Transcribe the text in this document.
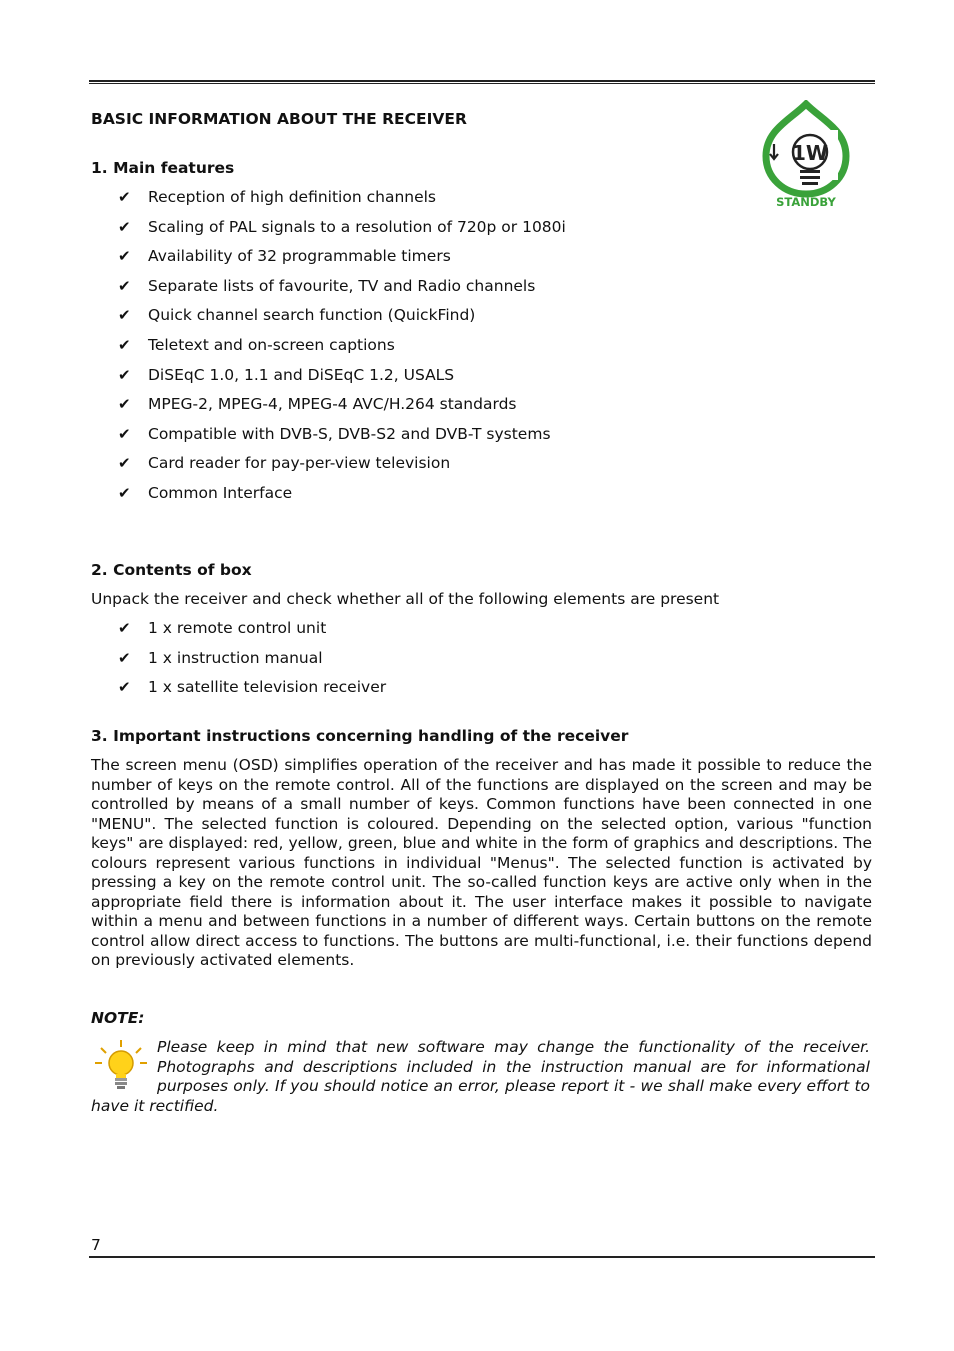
BASIC INFORMATION ABOUT THE RECEIVER
1W
STANDBY
1. Main features
✔ Reception of high definition channels
✔ Scaling of PAL signals to a resolution of 720p or 1080i
✔ Availability of 32 programmable timers
✔ Separate lists of favourite, TV and Radio channels
✔ Quick channel search function (QuickFind)
✔ Teletext and on-screen captions
✔ DiSEqC 1.0, 1.1 and DiSEqC 1.2, USALS
✔ MPEG-2, MPEG-4, MPEG-4 AVC/H.264 standards
✔ Compatible with DVB-S, DVB-S2 and DVB-T systems
✔ Card reader for pay-per-view television
✔ Common Interface
2. Contents of box
Unpack the receiver and check whether all of the following elements are present
✔ 1 x remote control unit
✔ 1 x instruction manual
✔ 1 x satellite television receiver
3. Important instructions concerning handling of the receiver
The screen menu (OSD) simplifies operation of the receiver and has made it possible to reduce the number of keys on the remote control. All of the functions are displayed on the screen and may be controlled by means of a small number of keys. Common functions have been connected in one "MENU". The selected function is coloured. Depending on the selected option, various "function keys" are displayed: red, yellow, green, blue and white in the form of graphics and descriptions. The colours represent various functions in individual "Menus". The selected function is activated by pressing a key on the remote control unit. The so-called function keys are active only when in the appropriate field there is information about it. The user interface makes it possible to navigate within a menu and between functions in a number of different ways. Certain buttons on the remote control allow direct access to functions. The buttons are multi-functional, i.e. their functions depend on previously activated elements.
NOTE:
Please keep in mind that new software may change the functionality of the receiver. Photographs and descriptions included in the instruction manual are for informational purposes only. If you should notice an error, please report it - we shall make every effort to have it rectified.
7
